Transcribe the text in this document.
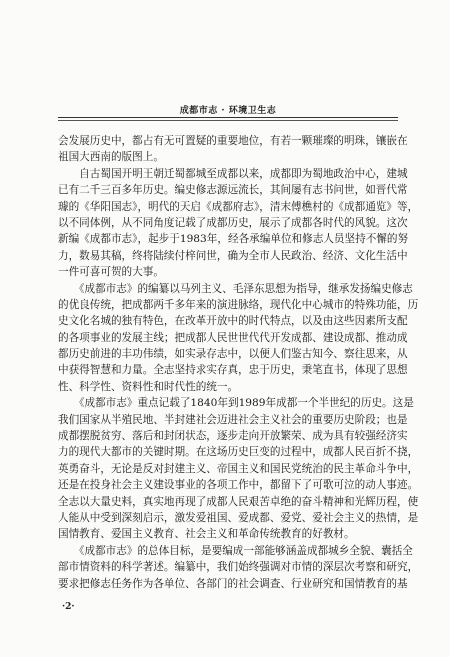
成都市志 · 环境卫生志
会发展历史中，都占有无可置疑的重要地位，有若一颗璀璨的明珠，镶嵌在
祖国大西南的版图上。
　　自古蜀国开明王朝迁蜀都城至成都以来，成都即为蜀地政治中心，建城
已有二千三百多年历史。编史修志源远流长，其间屡有志书问世，如晋代常
璩的《华阳国志》，明代的天启《成都府志》，清末傅樵村的《成都通览》等，
以不同体例，从不同角度记载了成都历史，展示了成都各时代的风貌。这次
新编《成都市志》，起步于1983年，经各承编单位和修志人员坚持不懈的努
力，数易其稿，终将陆续付梓问世，确为全市人民政治、经济、文化生活中
一件可喜可贺的大事。
　　《成都市志》的编纂以马列主义、毛泽东思想为指导，继承发扬编史修志
的优良传统，把成都两千多年来的演进脉络，现代化中心城市的特殊功能，历
史文化名城的独有特色，在改革开放中的时代特点，以及由这些因素所支配
的各项事业的发展主线；把成都人民世世代代开发成都、建设成都、推动成
都历史前进的丰功伟绩，如实录存志中，以便人们鉴古知今、察往思来，从
中获得智慧和力量。全志坚持求实存真，忠于历史，秉笔直书，体现了思想
性、科学性、资料性和时代性的统一。
　　《成都市志》重点记载了1840年到1989年成都一个半世纪的历史。这是
我们国家从半殖民地、半封建社会迈进社会主义社会的重要历史阶段；也是
成都摆脱贫穷、落后和封闭状态，逐步走向开放繁荣、成为具有较强经济实
力的现代大都市的关键时期。在这场历史巨变的过程中，成都人民百折不挠，
英勇奋斗，无论是反对封建主义、帝国主义和国民党统治的民主革命斗争中，
还是在投身社会主义建设事业的各项工作中，都留下了可歌可泣的动人事迹。
全志以大量史料，真实地再现了成都人民艰苦卓绝的奋斗精神和光辉历程，使
人能从中受到深刻启示，激发爱祖国、爱成都、爱党、爱社会主义的热情，是
国情教育、爱国主义教育、社会主义和革命传统教育的好教材。
　　《成都市志》的总体目标，是要编成一部能够涵盖成都城乡全貌、囊括全
部市情资料的科学著述。编纂中，我们始终强调对市情的深层次考察和研究，
要求把修志任务作为各单位、各部门的社会调查、行业研究和国情教育的基
·2·
